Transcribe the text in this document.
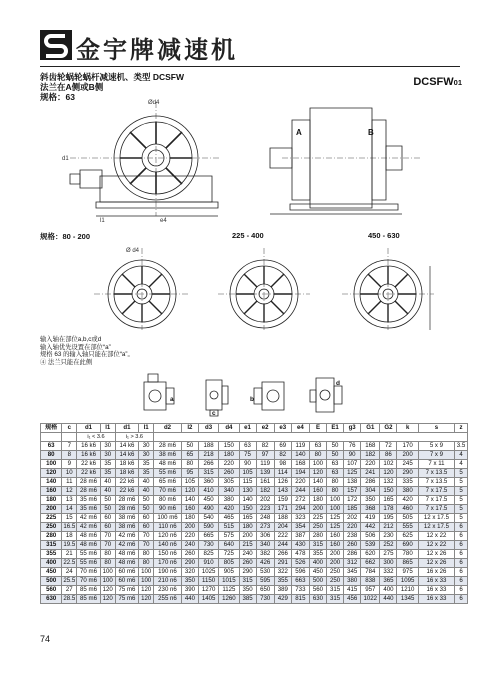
金宇牌减速机
斜齿轮蜗轮蜗杆减速机、类型 DCSFW
法兰在A侧或B侧
规格：63
DCSFW01
Ød4
e4
l1
d1
A	B
规格：80 - 200	225 - 400	450 - 630
Ø d4
输入轴在部位a,b,c或d
输入轴优先设置在部位“a”
规格 63 的输入轴只能在部位“a”。
④ 法兰只能在此侧
a	b
c
d
规格	c	d1	l1	d1	l1	d2	l2	d3	d4	e1	e2	e3	e4	E	E1	g3	G1	G2	k	s	z
		i₁ < 3.6		i₁ > 3.6																	
63	7	16 k6	30	14 k6	30	28 m6	50	188	150	63	82	69	119	63	50	76	168	72	170	5 x 9	3.5
80	8	16 k6	30	14 k6	30	38 m6	65	218	180	75	97	82	140	80	50	90	182	86	200	7 x 9	4
100	9	22 k6	35	18 k6	35	48 m6	80	266	220	90	119	98	168	100	63	107	220	102	245	7 x 11	4
120	10	22 k6	35	18 k6	35	55 m6	95	315	260	105	139	114	194	120	63	125	241	120	290	7 x 13.5	5
140	11	28 m6	40	22 k6	40	65 m6	105	360	305	115	161	126	220	140	80	138	286	132	335	7 x 13.5	5
160	12	28 m6	40	22 k6	40	70 m6	120	410	340	130	182	143	244	160	80	157	304	150	380	7 x 17.5	5
180	13	35 m6	50	28 m6	50	80 m6	140	450	380	140	202	159	272	180	100	172	350	165	420	7 x 17.5	5
200	14	35 m6	50	28 m6	50	90 m6	160	490	420	150	223	171	294	200	100	185	368	178	460	7 x 17.5	5
225	15	42 m6	60	38 m6	60	100 m6	180	540	465	165	248	188	323	225	125	202	419	195	505	12 x 17.5	5
250	16.5	42 m6	60	38 m6	60	110 n6	200	590	515	180	273	204	354	250	125	220	442	212	555	12 x 17.5	6
280	18	48 m6	70	42 m6	70	120 n6	220	665	575	200	306	222	387	280	160	238	506	230	625	12 x 22	6
315	19.5	48 m6	70	42 m6	70	140 n6	240	730	640	215	340	244	430	315	160	260	539	252	690	12 x 22	6
355	21	55 m6	80	48 m6	80	150 n6	260	825	725	240	382	266	478	355	200	286	620	275	780	12 x 26	6
400	22.5	55 m6	80	48 m6	80	170 n6	290	910	805	260	426	291	526	400	200	312	662	300	865	12 x 26	6
450	24	70 m6	100	60 m6	100	190 n6	320	1025	905	290	530	322	596	450	250	345	784	332	975	16 x 26	6
500	25.5	70 m6	100	60 m6	100	210 n6	350	1150	1015	315	595	355	663	500	250	380	838	365	1095	16 x 33	6
560	27	85 m6	120	75 m6	120	230 n6	390	1270	1125	350	650	389	733	560	315	415	957	400	1210	16 x 33	6
630	28.5	85 m6	120	75 m6	120	255 n6	440	1405	1260	385	730	429	815	630	315	456	1022	440	1345	16 x 33	6
74
